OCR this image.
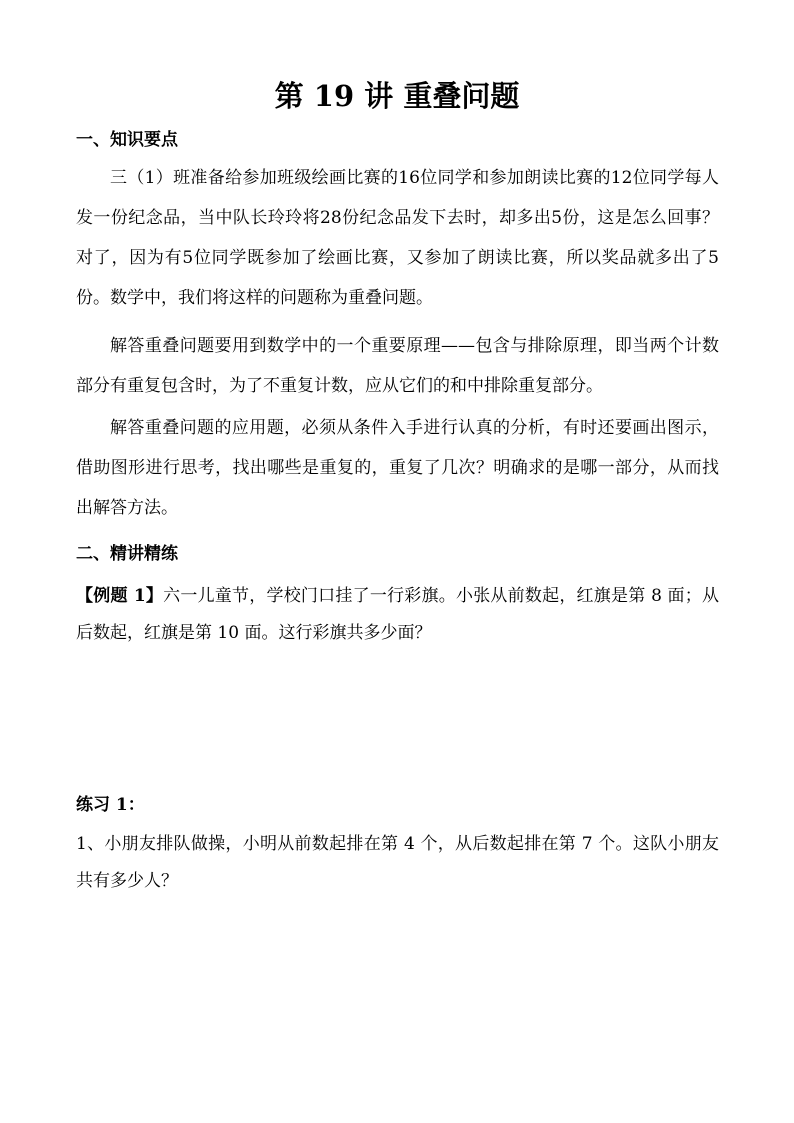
第 19 讲 重叠问题
一、知识要点

三（1）班准备给参加班级绘画比赛的16位同学和参加朗读比赛的12位同学每人发一份纪念品，当中队长玲玲将28份纪念品发下去时，却多出5份，这是怎么回事？对了，因为有5位同学既参加了绘画比赛，又参加了朗读比赛，所以奖品就多出了5份。数学中，我们将这样的问题称为重叠问题。

解答重叠问题要用到数学中的一个重要原理——包含与排除原理，即当两个计数部分有重复包含时，为了不重复计数，应从它们的和中排除重复部分。

解答重叠问题的应用题，必须从条件入手进行认真的分析，有时还要画出图示，借助图形进行思考，找出哪些是重复的，重复了几次？明确求的是哪一部分，从而找出解答方法。

二、精讲精练

【例题 1】六一儿童节，学校门口挂了一行彩旗。小张从前数起，红旗是第 8 面；从后数起，红旗是第 10 面。这行彩旗共多少面？

练习 1：

1、小朋友排队做操，小明从前数起排在第 4 个，从后数起排在第 7 个。这队小朋友共有多少人？
